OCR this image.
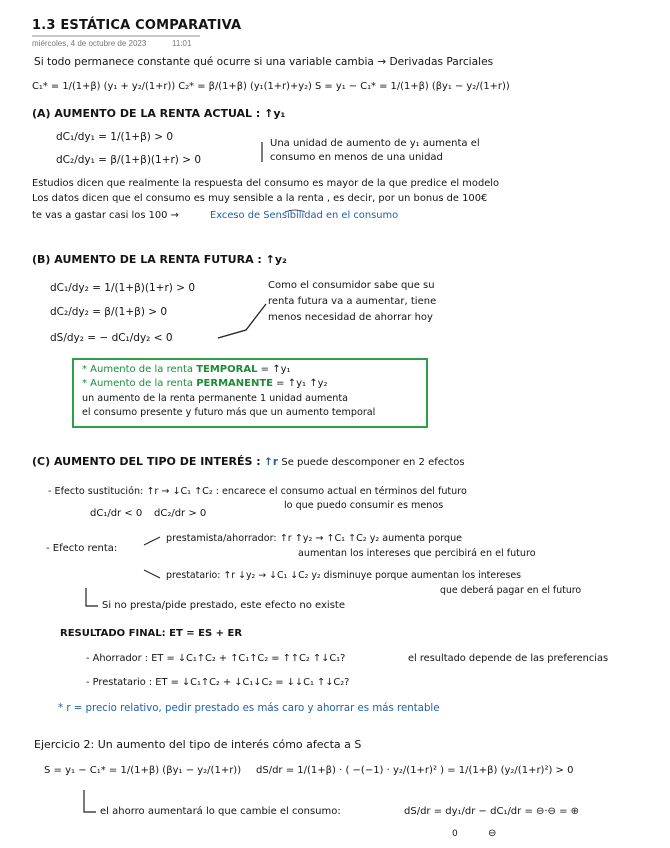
1.3 ESTÁTICA COMPARATIVA
miércoles, 4 de octubre de 2023	11:01
Si todo permanece constante qué ocurre si una variable cambia → Derivadas Parciales
C₁* = 1/(1+β) (y₁ + y₂/(1+r)) C₂* = β/(1+β) (y₁(1+r)+y₂) S = y₁ − C₁* = 1/(1+β) (βy₁ − y₂/(1+r))
(A) AUMENTO DE LA RENTA ACTUAL : ↑y₁
dC₁/dy₁ = 1/(1+β) > 0
dC₂/dy₁ = β/(1+β)(1+r) > 0
Una unidad de aumento de y₁ aumenta el
consumo en menos de una unidad
Estudios dicen que realmente la respuesta del consumo es mayor de la que predice el modelo
Los datos dicen que el consumo es muy sensible a la renta , es decir, por un bonus de 100€
te vas a gastar casi los 100 →	Exceso de Sensibilidad en el consumo
(B) AUMENTO DE LA RENTA FUTURA : ↑y₂
dC₁/dy₂ = 1/(1+β)(1+r) > 0
dC₂/dy₂ = β/(1+β) > 0
dS/dy₂ = − dC₁/dy₂ < 0
Como el consumidor sabe que su
renta futura va a aumentar, tiene
menos necesidad de ahorrar hoy
* Aumento de la renta TEMPORAL = ↑y₁
* Aumento de la renta PERMANENTE = ↑y₁ ↑y₂
un aumento de la renta permanente 1 unidad aumenta
el consumo presente y futuro más que un aumento temporal
(C) AUMENTO DEL TIPO DE INTERÉS : ↑r Se puede descomponer en 2 efectos
- Efecto sustitución: ↑r → ↓C₁ ↑C₂ : encarece el consumo actual en términos del futuro
lo que puedo consumir es menos
dC₁/dr < 0 dC₂/dr > 0
- Efecto renta:
prestamista/ahorrador: ↑r ↑y₂ → ↑C₁ ↑C₂ y₂ aumenta porque
aumentan los intereses que percibirá en el futuro
prestatario: ↑r ↓y₂ → ↓C₁ ↓C₂ y₂ disminuye porque aumentan los intereses
que deberá pagar en el futuro
Si no presta/pide prestado, este efecto no existe
RESULTADO FINAL: ET = ES + ER
- Ahorrador : ET = ↓C₁↑C₂ + ↑C₁↑C₂ = ↑↑C₂ ↑↓C₁?	el resultado depende de las preferencias
- Prestatario : ET = ↓C₁↑C₂ + ↓C₁↓C₂ = ↓↓C₁ ↑↓C₂?
* r = precio relativo, pedir prestado es más caro y ahorrar es más rentable
Ejercicio 2: Un aumento del tipo de interés cómo afecta a S
S = y₁ − C₁* = 1/(1+β) (βy₁ − y₂/(1+r)) dS/dr = 1/(1+β) · ( −(−1) · y₂/(1+r)² ) = 1/(1+β) (y₂/(1+r)²) > 0
el ahorro aumentará lo que cambie el consumo:	dS/dr = dy₁/dr − dC₁/dr = ⊖·⊖ = ⊕
0	⊖
